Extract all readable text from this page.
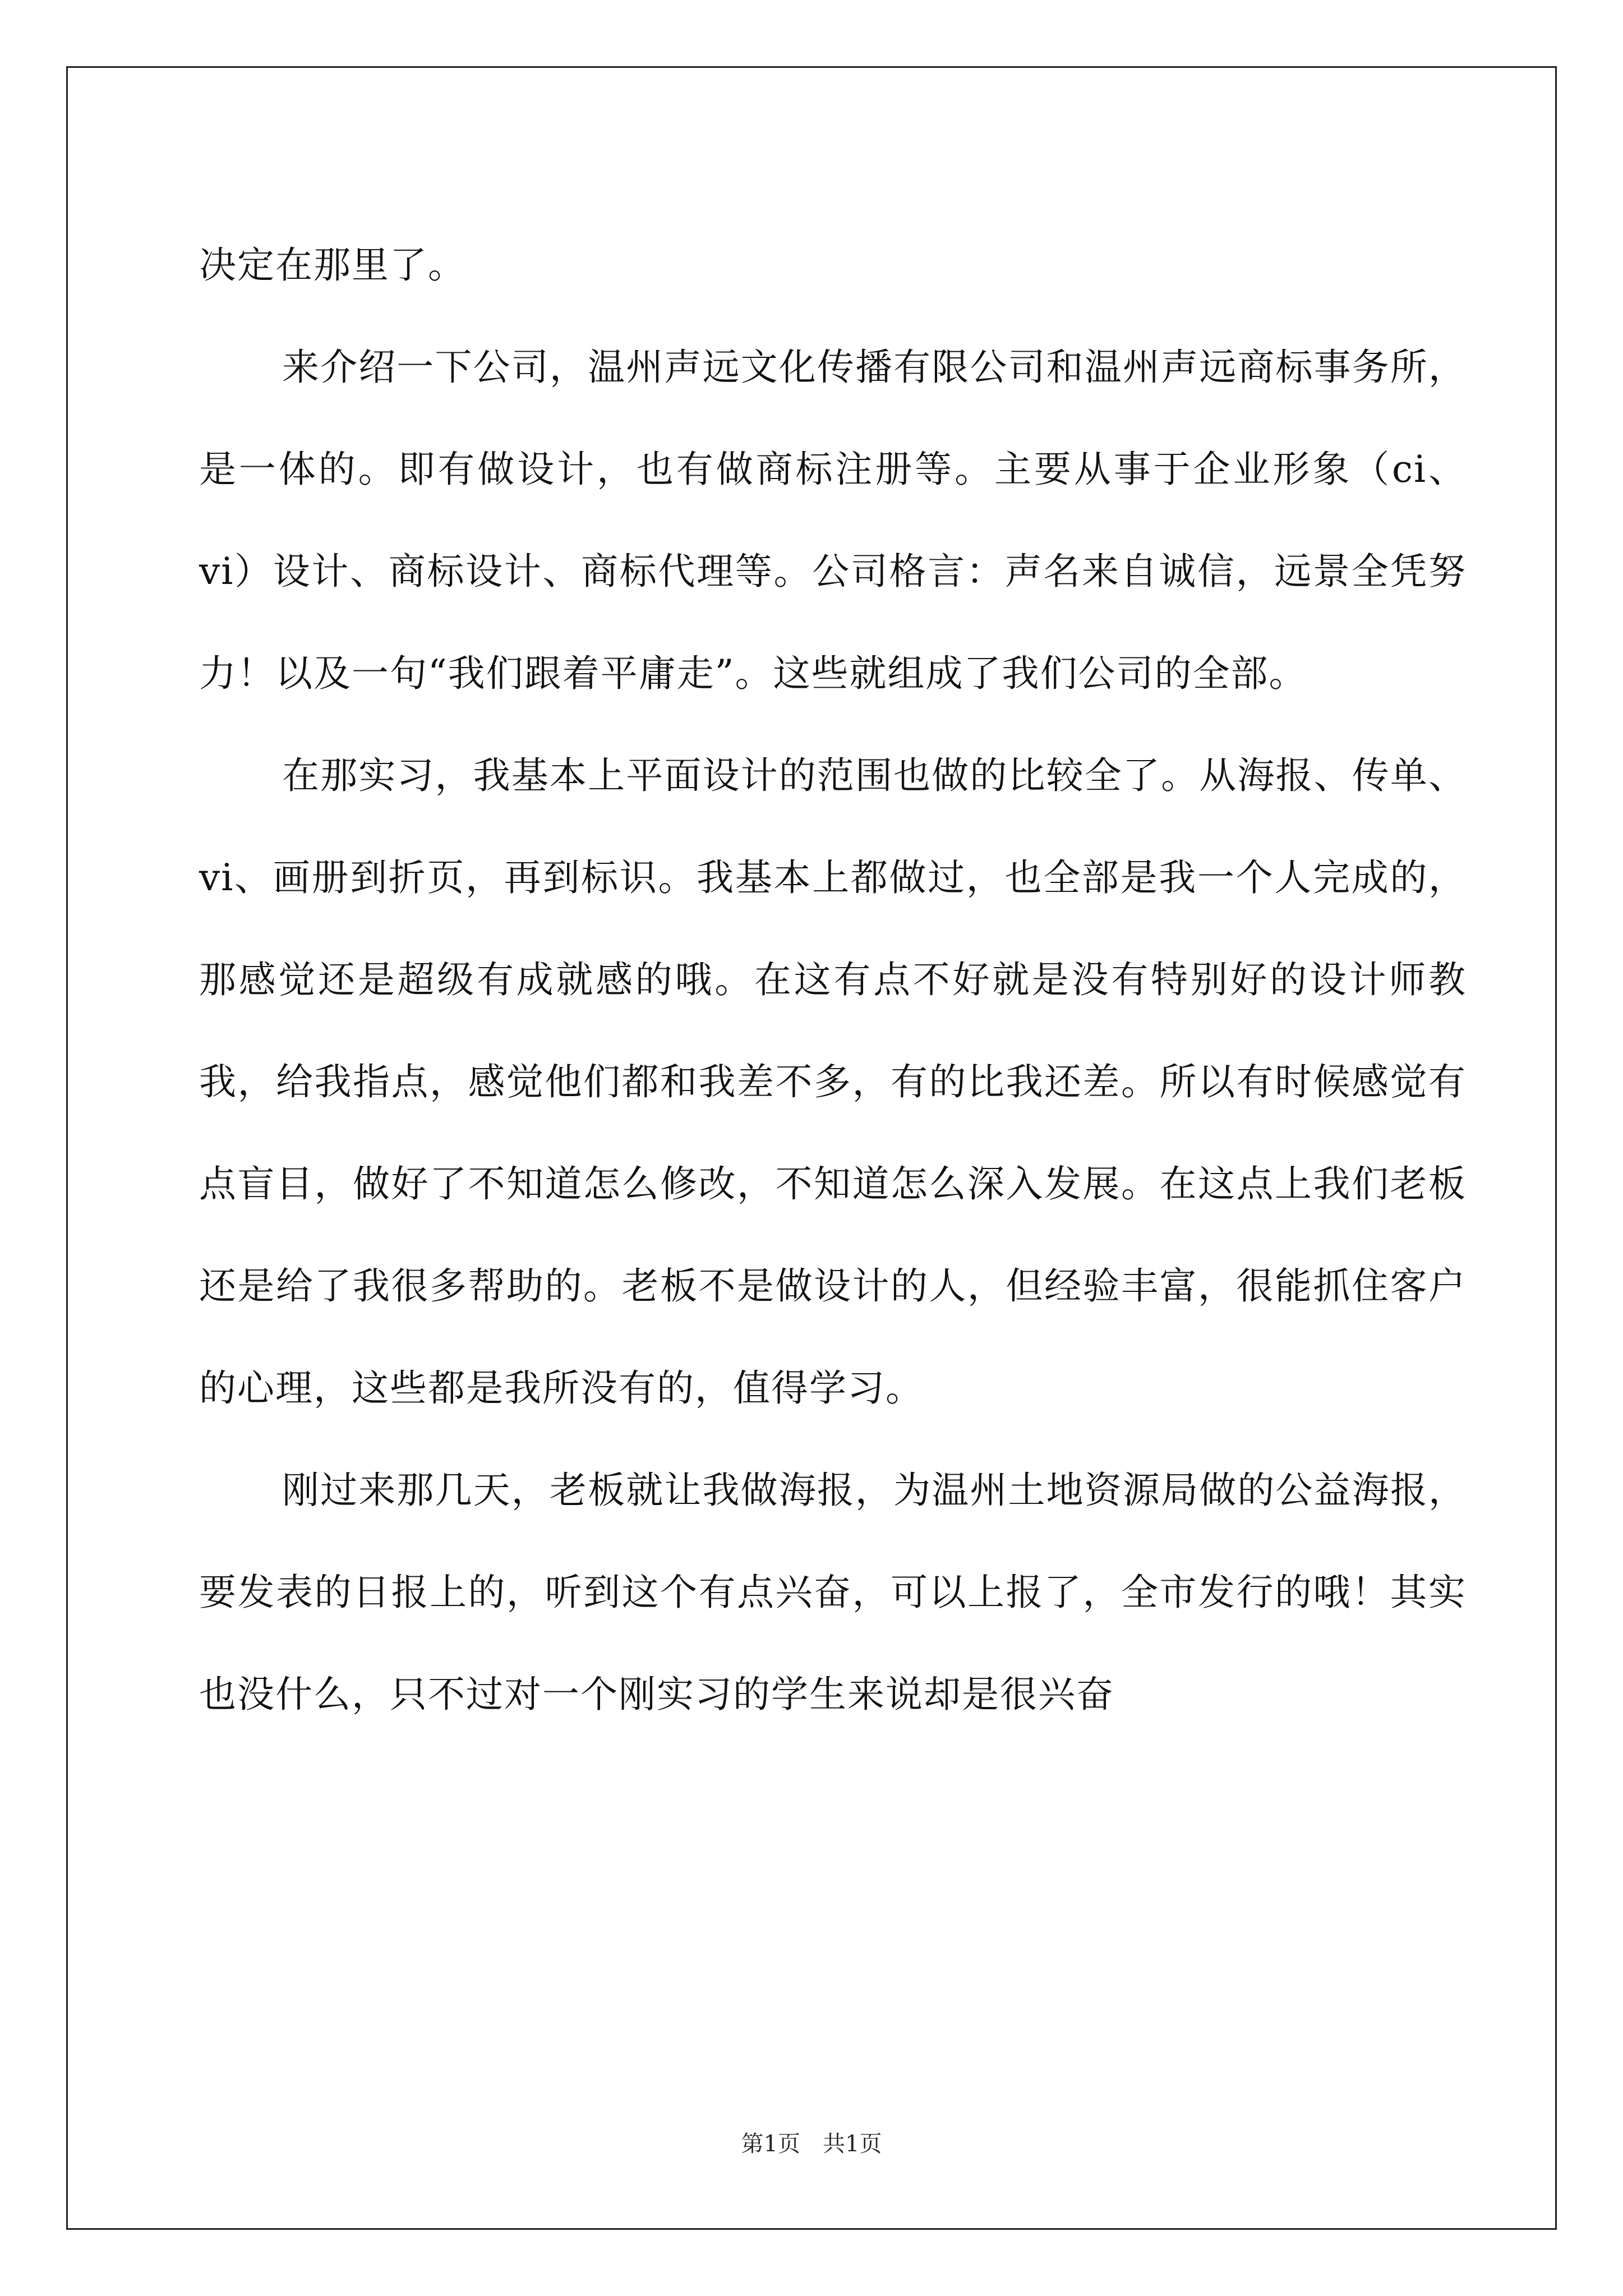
决定在那里了。

来介绍一下公司，温州声远文化传播有限公司和温州声远商标事务所，是一体的。即有做设计，也有做商标注册等。主要从事于企业形象（ci、vi）设计、商标设计、商标代理等。公司格言：声名来自诚信，远景全凭努力！以及一句“我们跟着平庸走”。这些就组成了我们公司的全部。

在那实习，我基本上平面设计的范围也做的比较全了。从海报、传单、vi、画册到折页，再到标识。我基本上都做过，也全部是我一个人完成的，那感觉还是超级有成就感的哦。在这有点不好就是没有特别好的设计师教我，给我指点，感觉他们都和我差不多，有的比我还差。所以有时候感觉有点盲目，做好了不知道怎么修改，不知道怎么深入发展。在这点上我们老板还是给了我很多帮助的。老板不是做设计的人，但经验丰富，很能抓住客户的心理，这些都是我所没有的，值得学习。

刚过来那几天，老板就让我做海报，为温州土地资源局做的公益海报，要发表的日报上的，听到这个有点兴奋，可以上报了，全市发行的哦！其实也没什么，只不过对一个刚实习的学生来说却是很兴奋

第1页　共1页
